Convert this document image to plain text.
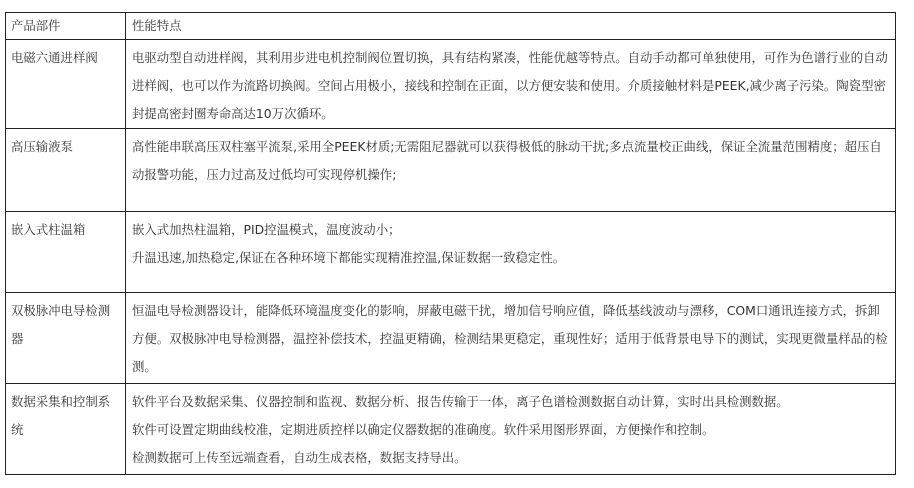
产品部件	性能特点
电磁六通进样阀	电驱动型自动进样阀，其利用步进电机控制阀位置切换，具有结构紧凑，性能优越等特点。自动手动都可单独使用，可作为色谱行业的自动进样阀，也可以作为流路切换阀。空间占用极小，接线和控制在正面，以方便安装和使用。介质接触材料是PEEK,减少离子污染。陶瓷型密封提高密封圈寿命高达10万次循环。

高压输液泵	高性能串联高压双柱塞平流泵,采用全PEEK材质;无需阻尼器就可以获得极低的脉动干扰;多点流量校正曲线，保证全流量范围精度；超压自动报警功能，压力过高及过低均可实现停机操作;

嵌入式柱温箱	嵌入式加热柱温箱，PID控温模式，温度波动小；
升温迅速,加热稳定,保证在各种环境下都能实现精准控温,保证数据一致稳定性。

双极脉冲电导检测器	恒温电导检测器设计，能降低环境温度变化的影响，屏蔽电磁干扰，增加信号响应值，降低基线波动与漂移，COM口通讯连接方式，拆卸方便。双极脉冲电导检测器，温控补偿技术，控温更精确，检测结果更稳定，重现性好；适用于低背景电导下的测试，实现更微量样品的检测。

数据采集和控制系统	软件平台及数据采集、仪器控制和监视、数据分析、报告传输于一体，离子色谱检测数据自动计算，实时出具检测数据。
软件可设置定期曲线校准，定期进质控样以确定仪器数据的准确度。软件采用图形界面，方便操作和控制。
检测数据可上传至远端查看，自动生成表格，数据支持导出。
